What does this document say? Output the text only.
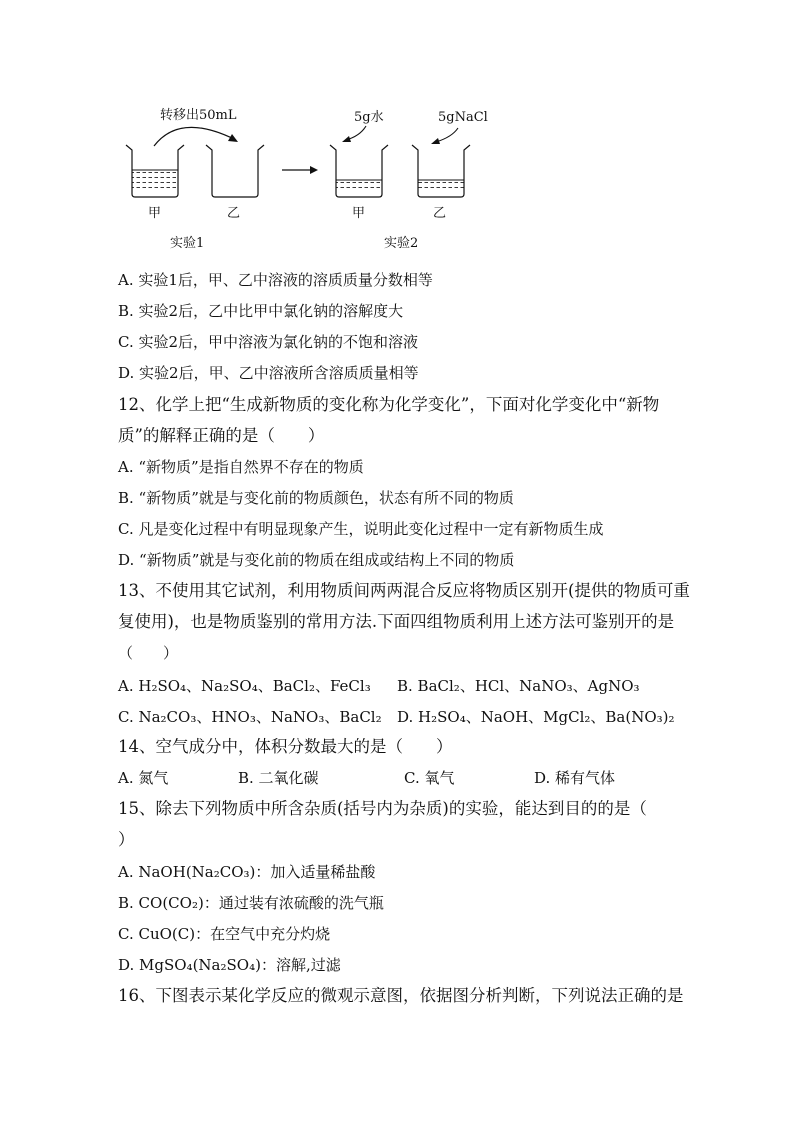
转移出50mL
甲	乙
5g水	5gNaCl
甲	乙
实验1	实验2
A. 实验1后，甲、乙中溶液的溶质质量分数相等
B. 实验2后，乙中比甲中氯化钠的溶解度大
C. 实验2后，甲中溶液为氯化钠的不饱和溶液
D. 实验2后，甲、乙中溶液所含溶质质量相等
12、化学上把“生成新物质的变化称为化学变化”，下面对化学变化中“新物
质”的解释正确的是（　　）
A. “新物质”是指自然界不存在的物质
B. “新物质”就是与变化前的物质颜色，状态有所不同的物质
C. 凡是变化过程中有明显现象产生，说明此变化过程中一定有新物质生成
D. “新物质”就是与变化前的物质在组成或结构上不同的物质
13、不使用其它试剂，利用物质间两两混合反应将物质区别开(提供的物质可重
复使用)，也是物质鉴别的常用方法.下面四组物质利用上述方法可鉴别开的是
（　　）
A. H₂SO₄、Na₂SO₄、BaCl₂、FeCl₃ B. BaCl₂、HCl、NaNO₃、AgNO₃
C. Na₂CO₃、HNO₃、NaNO₃、BaCl₂ D. H₂SO₄、NaOH、MgCl₂、Ba(NO₃)₂
14、空气成分中，体积分数最大的是（　　）
A. 氮气	B. 二氧化碳	C. 氧气	D. 稀有气体
15、除去下列物质中所含杂质(括号内为杂质)的实验，能达到目的的是（
）
A. NaOH(Na₂CO₃)：加入适量稀盐酸
B. CO(CO₂)：通过装有浓硫酸的洗气瓶
C. CuO(C)：在空气中充分灼烧
D. MgSO₄(Na₂SO₄)：溶解,过滤
16、下图表示某化学反应的微观示意图，依据图分析判断，下列说法正确的是
